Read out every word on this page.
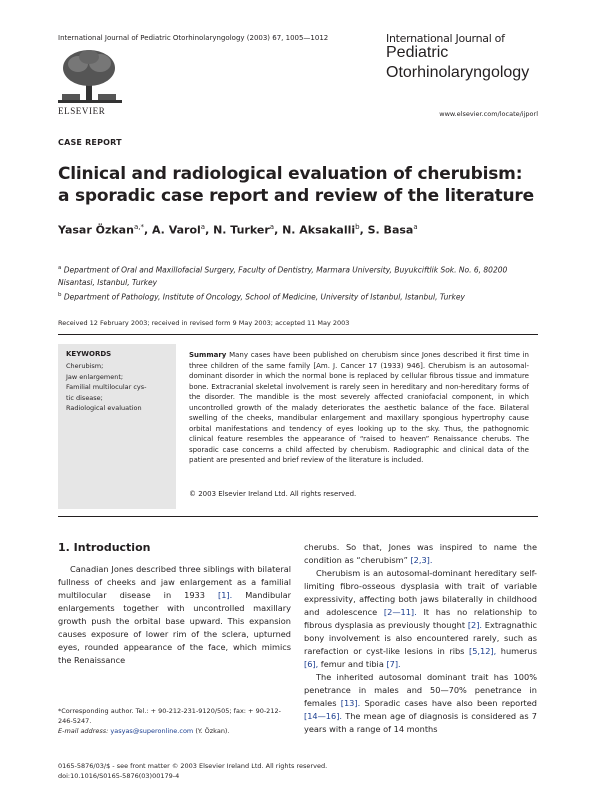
International Journal of Pediatric Otorhinolaryngology (2003) 67, 1005—1012
ELSEVIER
International Journal of
Pediatric
Otorhinolaryngology
www.elsevier.com/locate/ijporl
CASE REPORT
Clinical and radiological evaluation of cherubism: a sporadic case report and review of the literature
Yasar Özkan$^{a,*}$, A. Varol$^a$, N. Turker$^a$, N. Aksakalli$^b$, S. Basa$^a$
$^a$ Department of Oral and Maxillofacial Surgery, Faculty of Dentistry, Marmara University, Buyukciftlik Sok. No. 6, 80200 Nisantasi, Istanbul, Turkey
$^b$ Department of Pathology, Institute of Oncology, School of Medicine, University of Istanbul, Istanbul, Turkey
Received 12 February 2003; received in revised form 9 May 2003; accepted 11 May 2003
KEYWORDS
Cherubism;
Jaw enlargement;
Familial multilocular cys-
tic disease;
Radiological evaluation
Summary Many cases have been published on cherubism since Jones described it first time in three children of the same family [Am. J. Cancer 17 (1933) 946]. Cherubism is an autosomal-dominant disorder in which the normal bone is replaced by cellular fibrous tissue and immature bone. Extracranial skeletal involvement is rarely seen in hereditary and non-hereditary forms of the disorder. The mandible is the most severely affected craniofacial component, in which uncontrolled growth of the malady deteriorates the aesthetic balance of the face. Bilateral swelling of the cheeks, mandibular enlargement and maxillary spongious hypertrophy cause orbital manifestations and tendency of eyes looking up to the sky. Thus, the pathognomic clinical feature resembles the appearance of “raised to heaven” Renaissance cherubs. The sporadic case concerns a child affected by cherubism. Radiographic and clinical data of the patient are presented and brief review of the literature is included.
© 2003 Elsevier Ireland Ltd. All rights reserved.
1. Introduction
Canadian Jones described three siblings with bilateral fullness of cheeks and jaw enlargement as a familial multilocular disease in 1933 [1]. Mandibular enlargements together with uncontrolled maxillary growth push the orbital base upward. This expansion causes exposure of lower rim of the sclera, upturned eyes, rounded appearance of the face, which mimics the Renaissance
cherubs. So that, Jones was inspired to name the condition as “cherubism” [2,3].
Cherubism is an autosomal-dominant hereditary self-limiting fibro-osseous dysplasia with trait of variable expressivity, affecting both jaws bilaterally in childhood and adolescence [2—11]. It has no relationship to fibrous dysplasia as previously thought [2]. Extragnathic bony involvement is also encountered rarely, such as rarefaction or cyst-like lesions in ribs [5,12], humerus [6], femur and tibia [7].
The inherited autosomal dominant trait has 100% penetrance in males and 50—70% penetrance in females [13]. Sporadic cases have also been reported [14—16]. The mean age of diagnosis is considered as 7 years with a range of 14 months
*Corresponding author. Tel.: + 90-212-231-9120/505; fax: + 90-212-246-5247.
E-mail address: yasyas@superonline.com (Y. Özkan).
0165-5876/03/$ - see front matter © 2003 Elsevier Ireland Ltd. All rights reserved.
doi:10.1016/S0165-5876(03)00179-4
